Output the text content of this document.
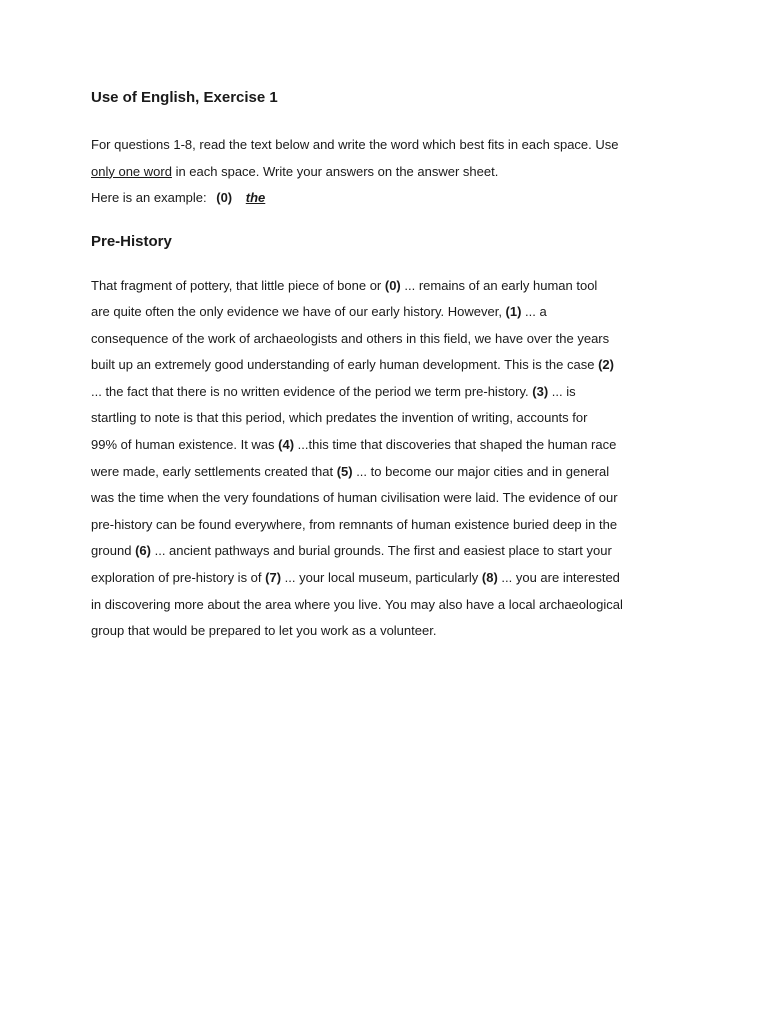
Use of English, Exercise 1

For questions 1-8, read the text below and write the word which best fits in each space. Use

only one word in each space. Write your answers on the answer sheet.

Here is an example: (0) the

Pre-History
That fragment of pottery, that little piece of bone or (0) ... remains of an early human tool
are quite often the only evidence we have of our early history. However, (1) ... a
consequence of the work of archaeologists and others in this field, we have over the years
built up an extremely good understanding of early human development. This is the case (2)
... the fact that there is no written evidence of the period we term pre-history. (3) ... is
startling to note is that this period, which predates the invention of writing, accounts for
99% of human existence. It was (4) ...this time that discoveries that shaped the human race
were made, early settlements created that (5) ... to become our major cities and in general
was the time when the very foundations of human civilisation were laid. The evidence of our
pre-history can be found everywhere, from remnants of human existence buried deep in the
ground (6) ... ancient pathways and burial grounds. The first and easiest place to start your
exploration of pre-history is of (7) ... your local museum, particularly (8) ... you are interested
in discovering more about the area where you live. You may also have a local archaeological
group that would be prepared to let you work as a volunteer.
